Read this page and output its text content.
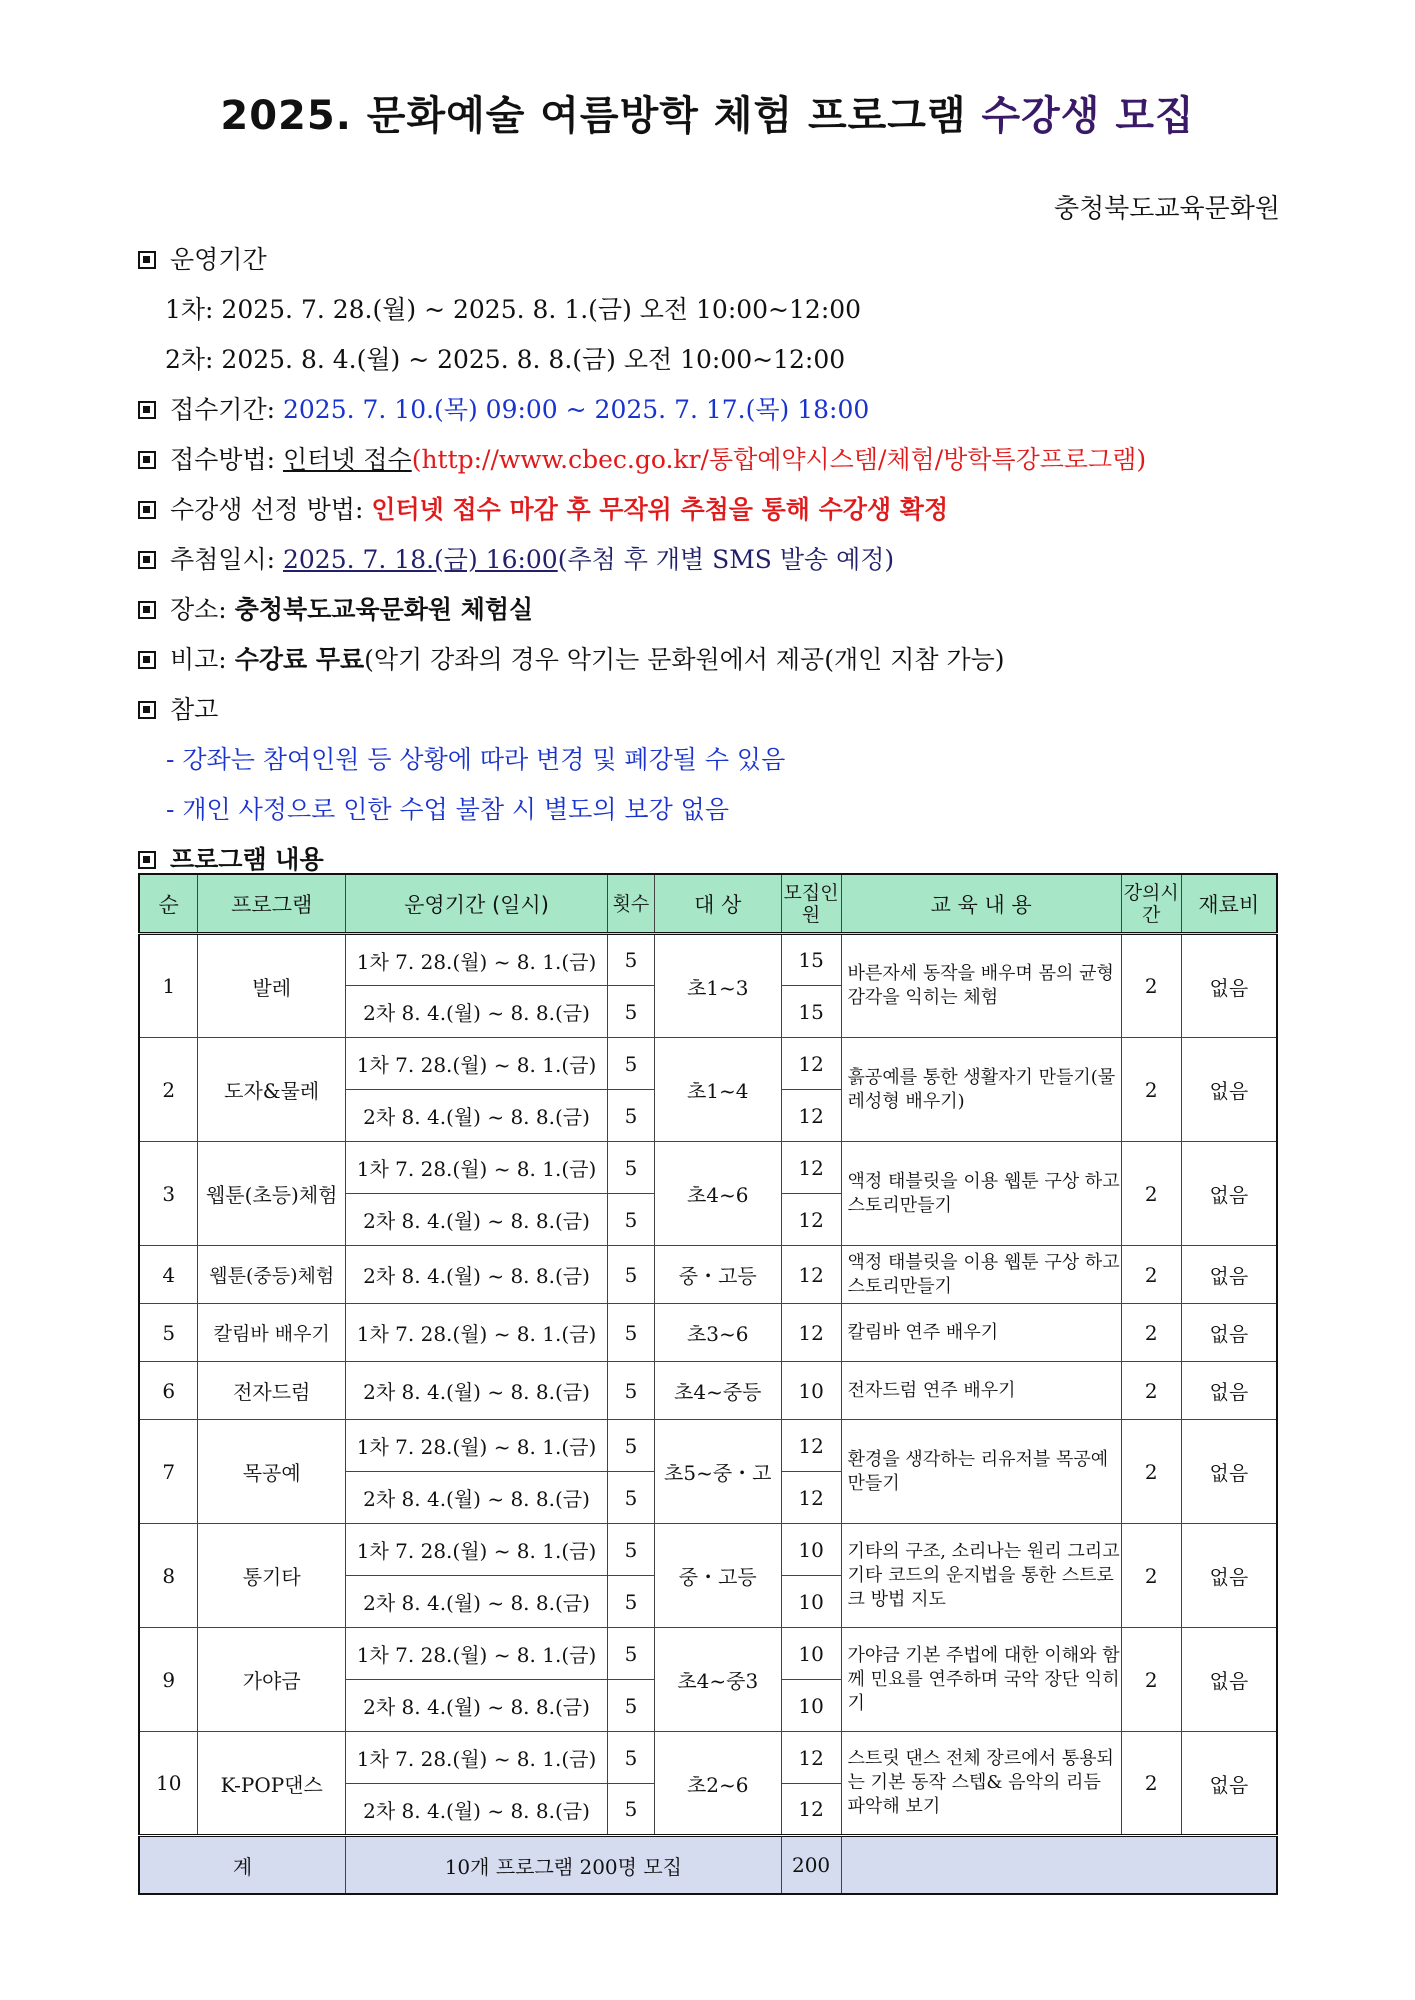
2025. 문화예술 여름방학 체험 프로그램 수강생 모집
충청북도교육문화원
운영기간
1차: 2025. 7. 28.(월) ~ 2025. 8. 1.(금) 오전 10:00~12:00
2차: 2025. 8. 4.(월) ~ 2025. 8. 8.(금) 오전 10:00~12:00
접수기간: 2025. 7. 10.(목) 09:00 ~ 2025. 7. 17.(목) 18:00
접수방법: 인터넷 접수(http://www.cbec.go.kr/통합예약시스템/체험/방학특강프로그램)
수강생 선정 방법: 인터넷 접수 마감 후 무작위 추첨을 통해 수강생 확정
추첨일시: 2025. 7. 18.(금) 16:00(추첨 후 개별 SMS 발송 예정)
장소: 충청북도교육문화원 체험실
비고: 수강료 무료(악기 강좌의 경우 악기는 문화원에서 제공(개인 지참 가능)
참고
- 강좌는 참여인원 등 상황에 따라 변경 및 폐강될 수 있음
- 개인 사정으로 인한 수업 불참 시 별도의 보강 없음
프로그램 내용
순	프로그램	운영기간 (일시)	횟수	대 상	모집인원	교 육 내 용	강의시간	재료비
1	발레	1차 7. 28.(월) ~ 8. 1.(금)	5	초1~3	15	바른자세 동작을 배우며 몸의 균형감각을 익히는 체험	2	없음
		2차 8. 4.(월) ~ 8. 8.(금)	5		15			
2	도자&물레	1차 7. 28.(월) ~ 8. 1.(금)	5	초1~4	12	흙공예를 통한 생활자기 만들기(물레성형 배우기)	2	없음
		2차 8. 4.(월) ~ 8. 8.(금)	5		12			
3	웹툰(초등)체험	1차 7. 28.(월) ~ 8. 1.(금)	5	초4~6	12	액정 태블릿을 이용 웹툰 구상 하고 스토리만들기	2	없음
		2차 8. 4.(월) ~ 8. 8.(금)	5		12			
4	웹툰(중등)체험	2차 8. 4.(월) ~ 8. 8.(금)	5	중・고등	12	액정 태블릿을 이용 웹툰 구상 하고 스토리만들기	2	없음
5	칼림바 배우기	1차 7. 28.(월) ~ 8. 1.(금)	5	초3~6	12	칼림바 연주 배우기	2	없음
6	전자드럼	2차 8. 4.(월) ~ 8. 8.(금)	5	초4~중등	10	전자드럼 연주 배우기	2	없음
7	목공예	1차 7. 28.(월) ~ 8. 1.(금)	5	초5~중・고	12	환경을 생각하는 리유저블 목공예 만들기	2	없음
		2차 8. 4.(월) ~ 8. 8.(금)	5		12			
8	통기타	1차 7. 28.(월) ~ 8. 1.(금)	5	중・고등	10	기타의 구조, 소리나는 원리 그리고 기타 코드의 운지법을 통한 스트로크 방법 지도	2	없음
		2차 8. 4.(월) ~ 8. 8.(금)	5		10			
9	가야금	1차 7. 28.(월) ~ 8. 1.(금)	5	초4~중3	10	가야금 기본 주법에 대한 이해와 함께 민요를 연주하며 국악 장단 익히기	2	없음
		2차 8. 4.(월) ~ 8. 8.(금)	5		10			
10	K-POP댄스	1차 7. 28.(월) ~ 8. 1.(금)	5	초2~6	12	스트릿 댄스 전체 장르에서 통용되는 기본 동작 스텝& 음악의 리듬 파악해 보기	2	없음
		2차 8. 4.(월) ~ 8. 8.(금)	5		12			
계		10개 프로그램 200명 모집			200			
